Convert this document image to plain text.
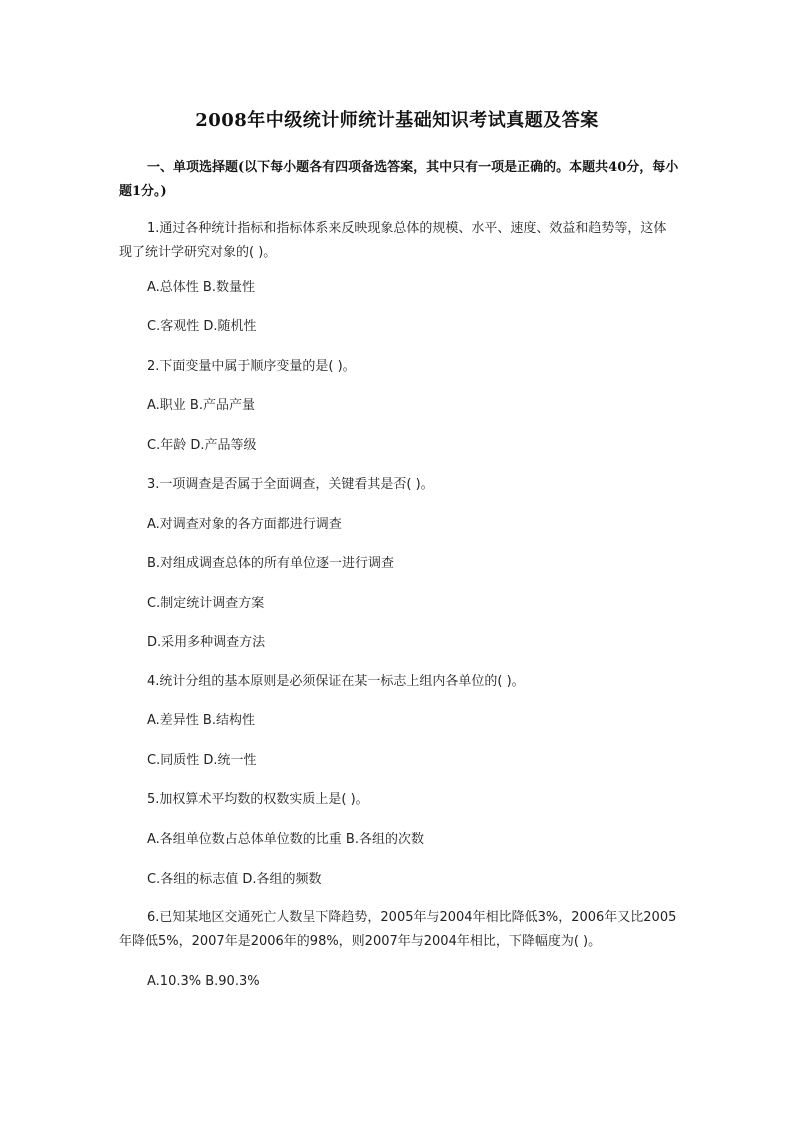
2008年中级统计师统计基础知识考试真题及答案
一、单项选择题(以下每小题各有四项备选答案，其中只有一项是正确的。本题共40分，每小题1分。)
1.通过各种统计指标和指标体系来反映现象总体的规模、水平、速度、效益和趋势等，这体现了统计学研究对象的( )。
A.总体性 B.数量性
C.客观性 D.随机性
2.下面变量中属于顺序变量的是( )。
A.职业 B.产品产量
C.年龄 D.产品等级
3.一项调查是否属于全面调查，关键看其是否( )。
A.对调查对象的各方面都进行调查
B.对组成调查总体的所有单位逐一进行调查
C.制定统计调查方案
D.采用多种调查方法
4.统计分组的基本原则是必须保证在某一标志上组内各单位的( )。
A.差异性 B.结构性
C.同质性 D.统一性
5.加权算术平均数的权数实质上是( )。
A.各组单位数占总体单位数的比重 B.各组的次数
C.各组的标志值 D.各组的频数
6.已知某地区交通死亡人数呈下降趋势，2005年与2004年相比降低3%，2006年又比2005年降低5%，2007年是2006年的98%，则2007年与2004年相比，下降幅度为( )。
A.10.3% B.90.3%
